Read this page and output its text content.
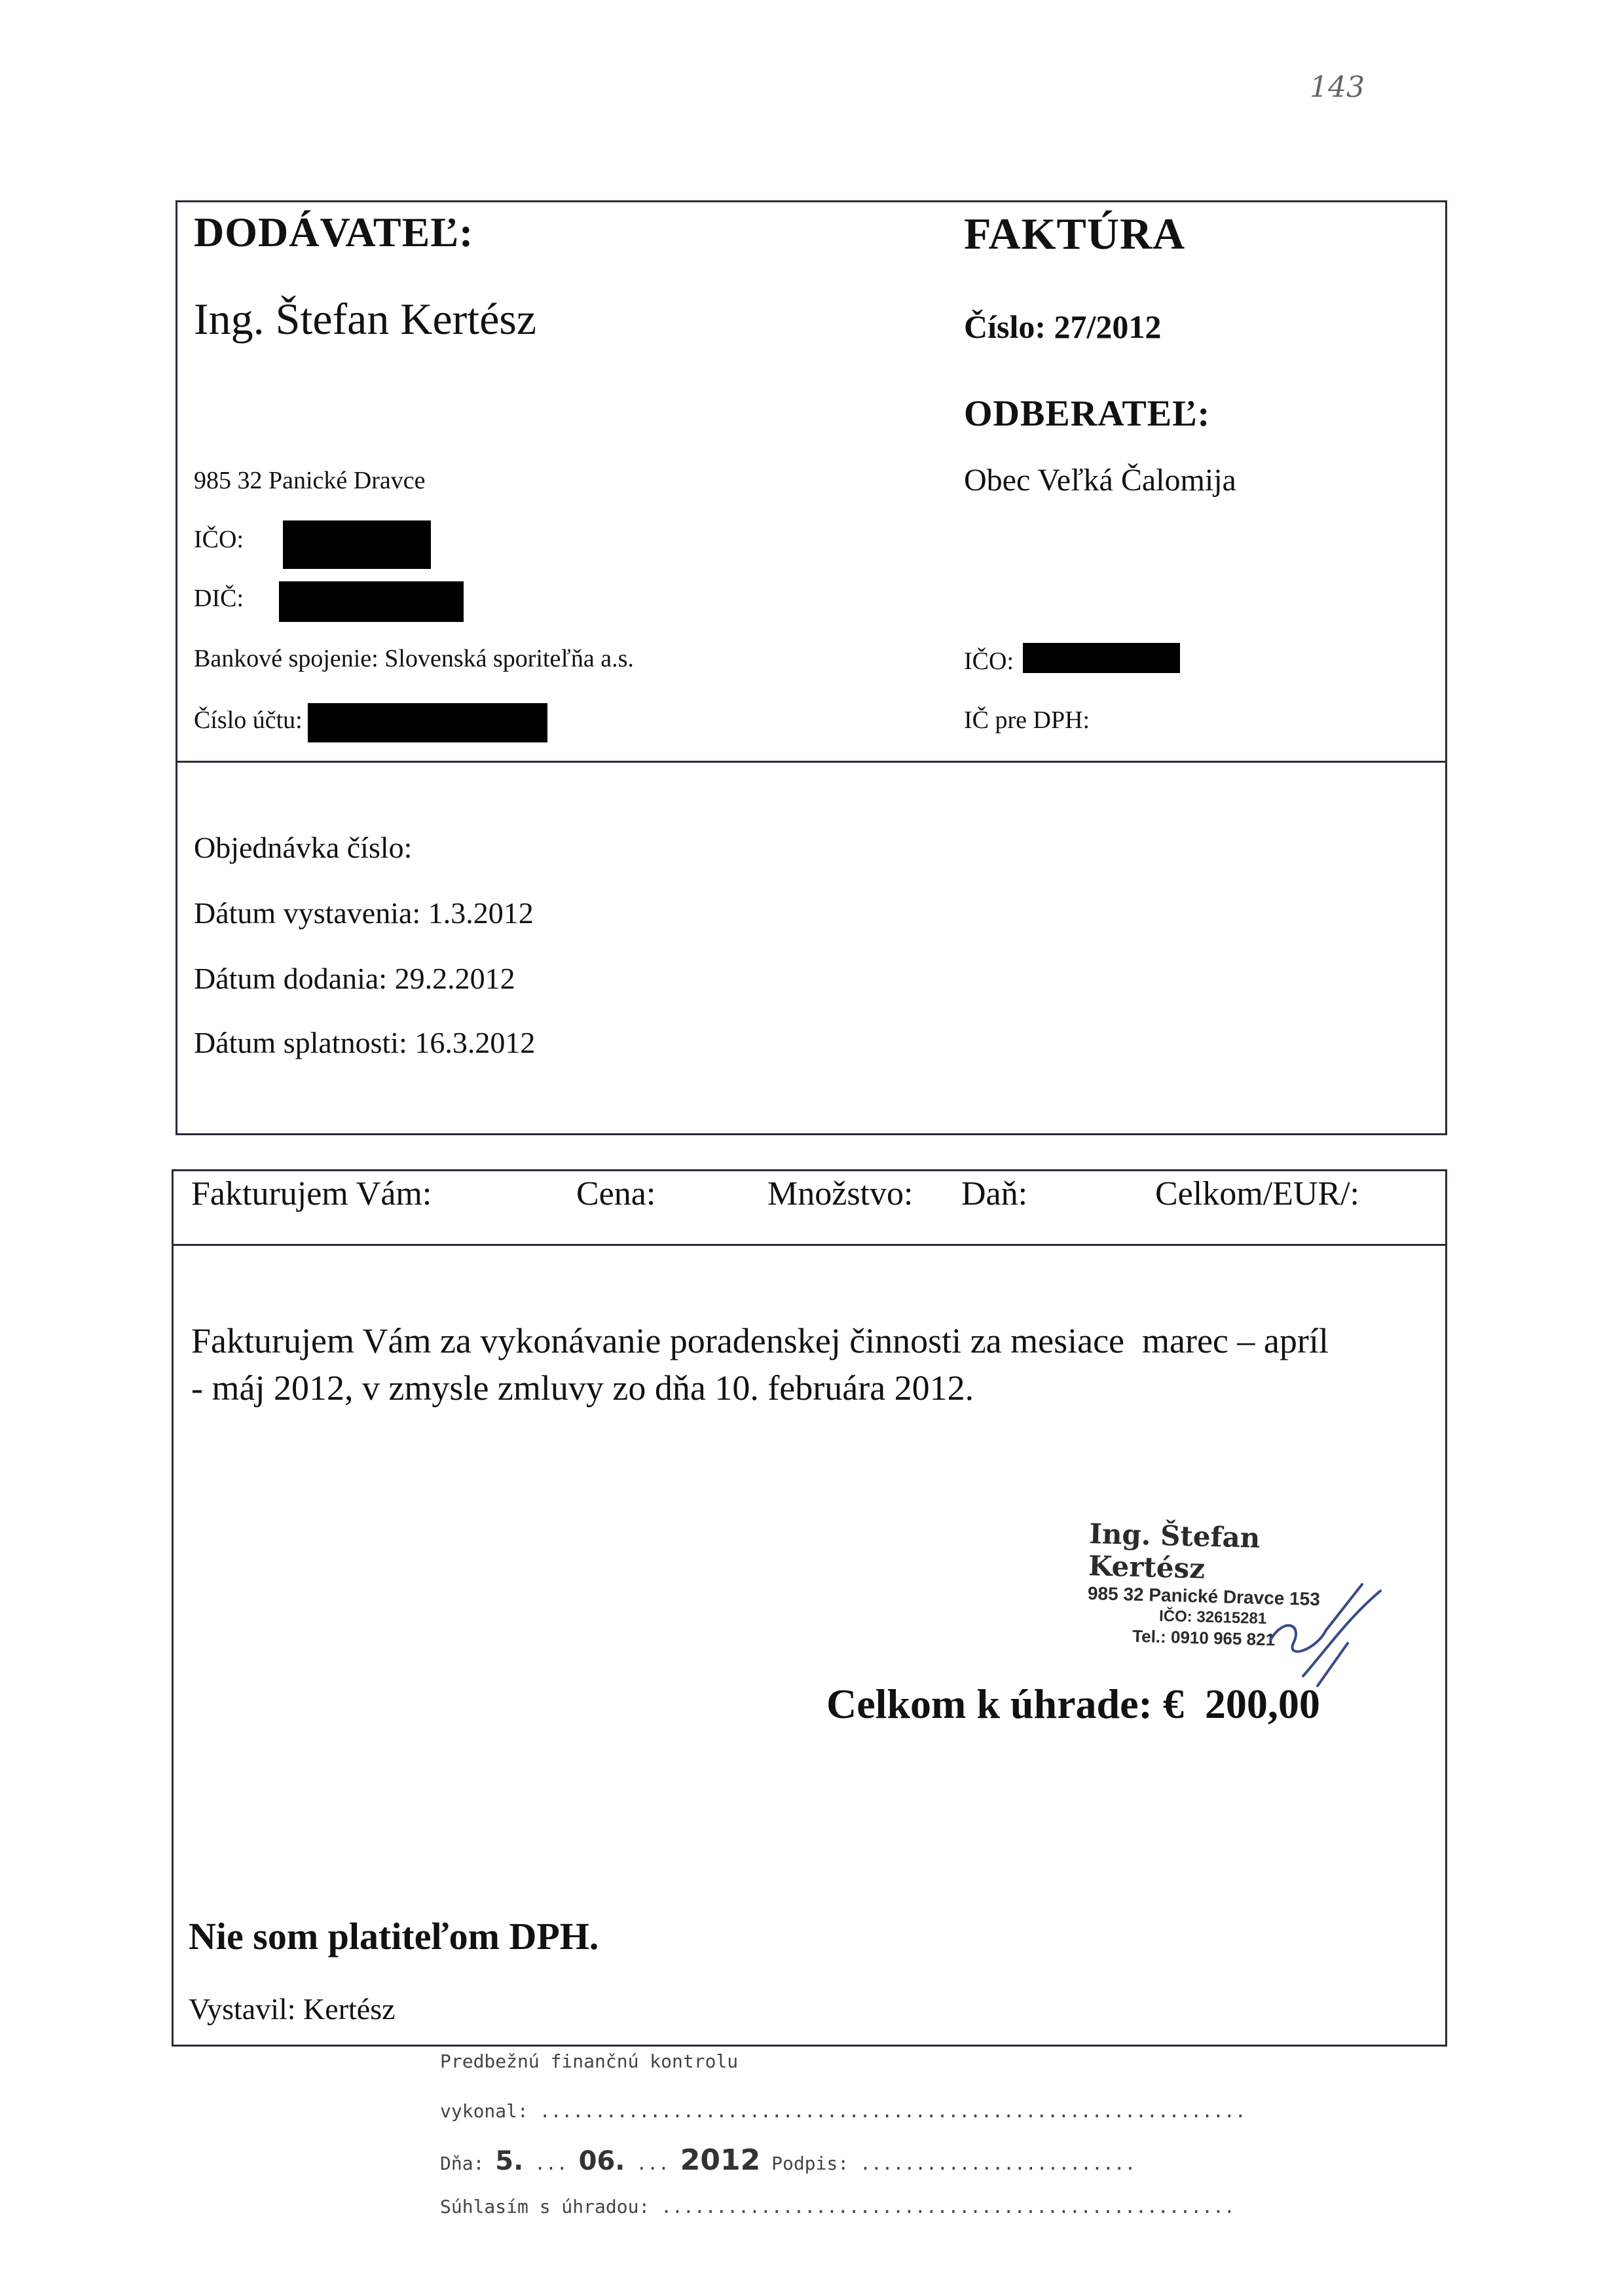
143
DODÁVATEĽ:
Ing. Štefan Kertész
985 32 Panické Dravce
IČO:
DIČ:
Bankové spojenie: Slovenská sporiteľňa a.s.
Číslo účtu:
FAKTÚRA
Číslo: 27/2012
ODBERATEĽ:
Obec Veľká Čalomija
IČO:
IČ pre DPH:
Objednávka číslo:
Dátum vystavenia: 1.3.2012
Dátum dodania: 29.2.2012
Dátum splatnosti: 16.3.2012
Fakturujem Vám:	Cena:	Množstvo: Daň:	Celkom/EUR/:
Fakturujem Vám za vykonávanie poradenskej činnosti za mesiace  marec – apríl
- máj 2012, v zmysle zmluvy zo dňa 10. februára 2012.
Ing. Štefan Kertész
985 32 Panické Dravce 153
IČO: 32615281
Tel.: 0910 965 821
Celkom k úhrade: €  200,00
Nie som platiteľom DPH.
Vystavil: Kertész
Predbežnú finančnú kontrolu
vykonal: ................................................................
Dňa: 5. ... 06. ... 2012 Podpis: .........................
Súhlasím s úhradou: ....................................................
